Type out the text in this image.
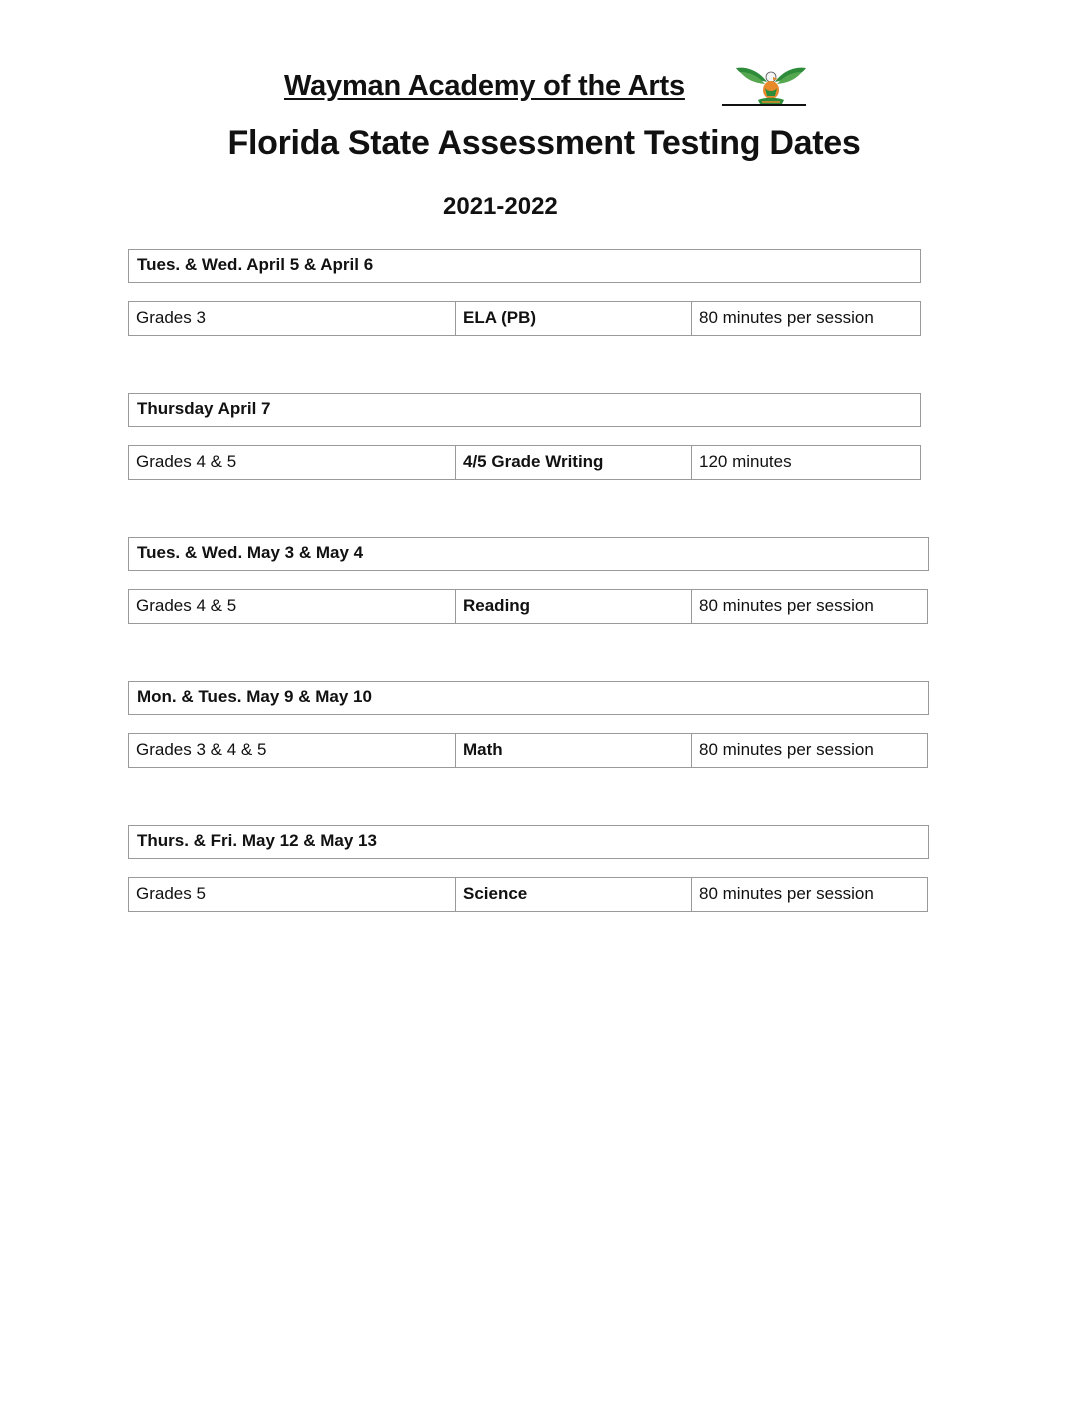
Wayman Academy of the Arts
Florida State Assessment Testing Dates
2021-2022
Tues. & Wed. April 5 & April 6
Grades 3	ELA (PB)	80 minutes per session
Thursday April 7
Grades 4 & 5	4/5 Grade Writing	120 minutes
Tues. & Wed. May 3 & May 4
Grades 4 & 5	Reading	80 minutes per session
Mon. & Tues. May 9 & May 10
Grades 3 & 4 & 5	Math	80 minutes per session
Thurs. & Fri. May 12 & May 13
Grades 5	Science	80 minutes per session
